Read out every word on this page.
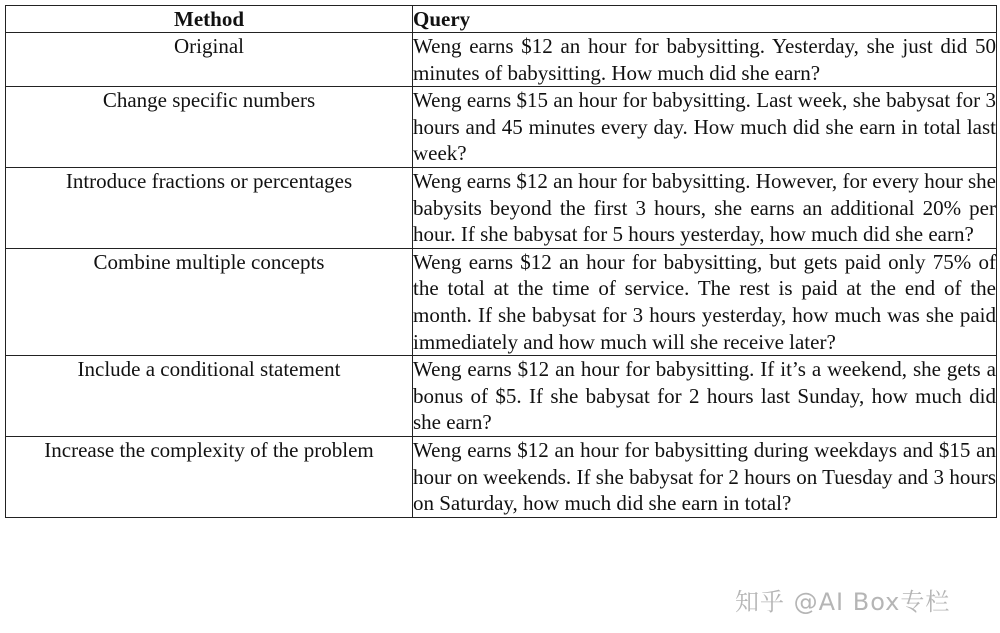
Method	Query
Original	Weng earns $12 an hour for babysitting. Yesterday, she just did 50 minutes of babysitting. How much did she earn?
Change specific numbers	Weng earns $15 an hour for babysitting. Last week, she babysat for 3 hours and 45 minutes every day. How much did she earn in total last week?
Introduce fractions or percentages	Weng earns $12 an hour for babysitting. However, for every hour she babysits beyond the first 3 hours, she earns an additional 20% per hour. If she babysat for 5 hours yesterday, how much did she earn?
Combine multiple concepts	Weng earns $12 an hour for babysitting, but gets paid only 75% of the total at the time of service. The rest is paid at the end of the month. If she babysat for 3 hours yesterday, how much was she paid immediately and how much will she receive later?
Include a conditional statement	Weng earns $12 an hour for babysitting. If it’s a weekend, she gets a bonus of $5. If she babysat for 2 hours last Sunday, how much did she earn?
Increase the complexity of the problem	Weng earns $12 an hour for babysitting during weekdays and $15 an hour on weekends. If she babysat for 2 hours on Tuesday and 3 hours on Saturday, how much did she earn in total?
知乎 @AI Box专栏
